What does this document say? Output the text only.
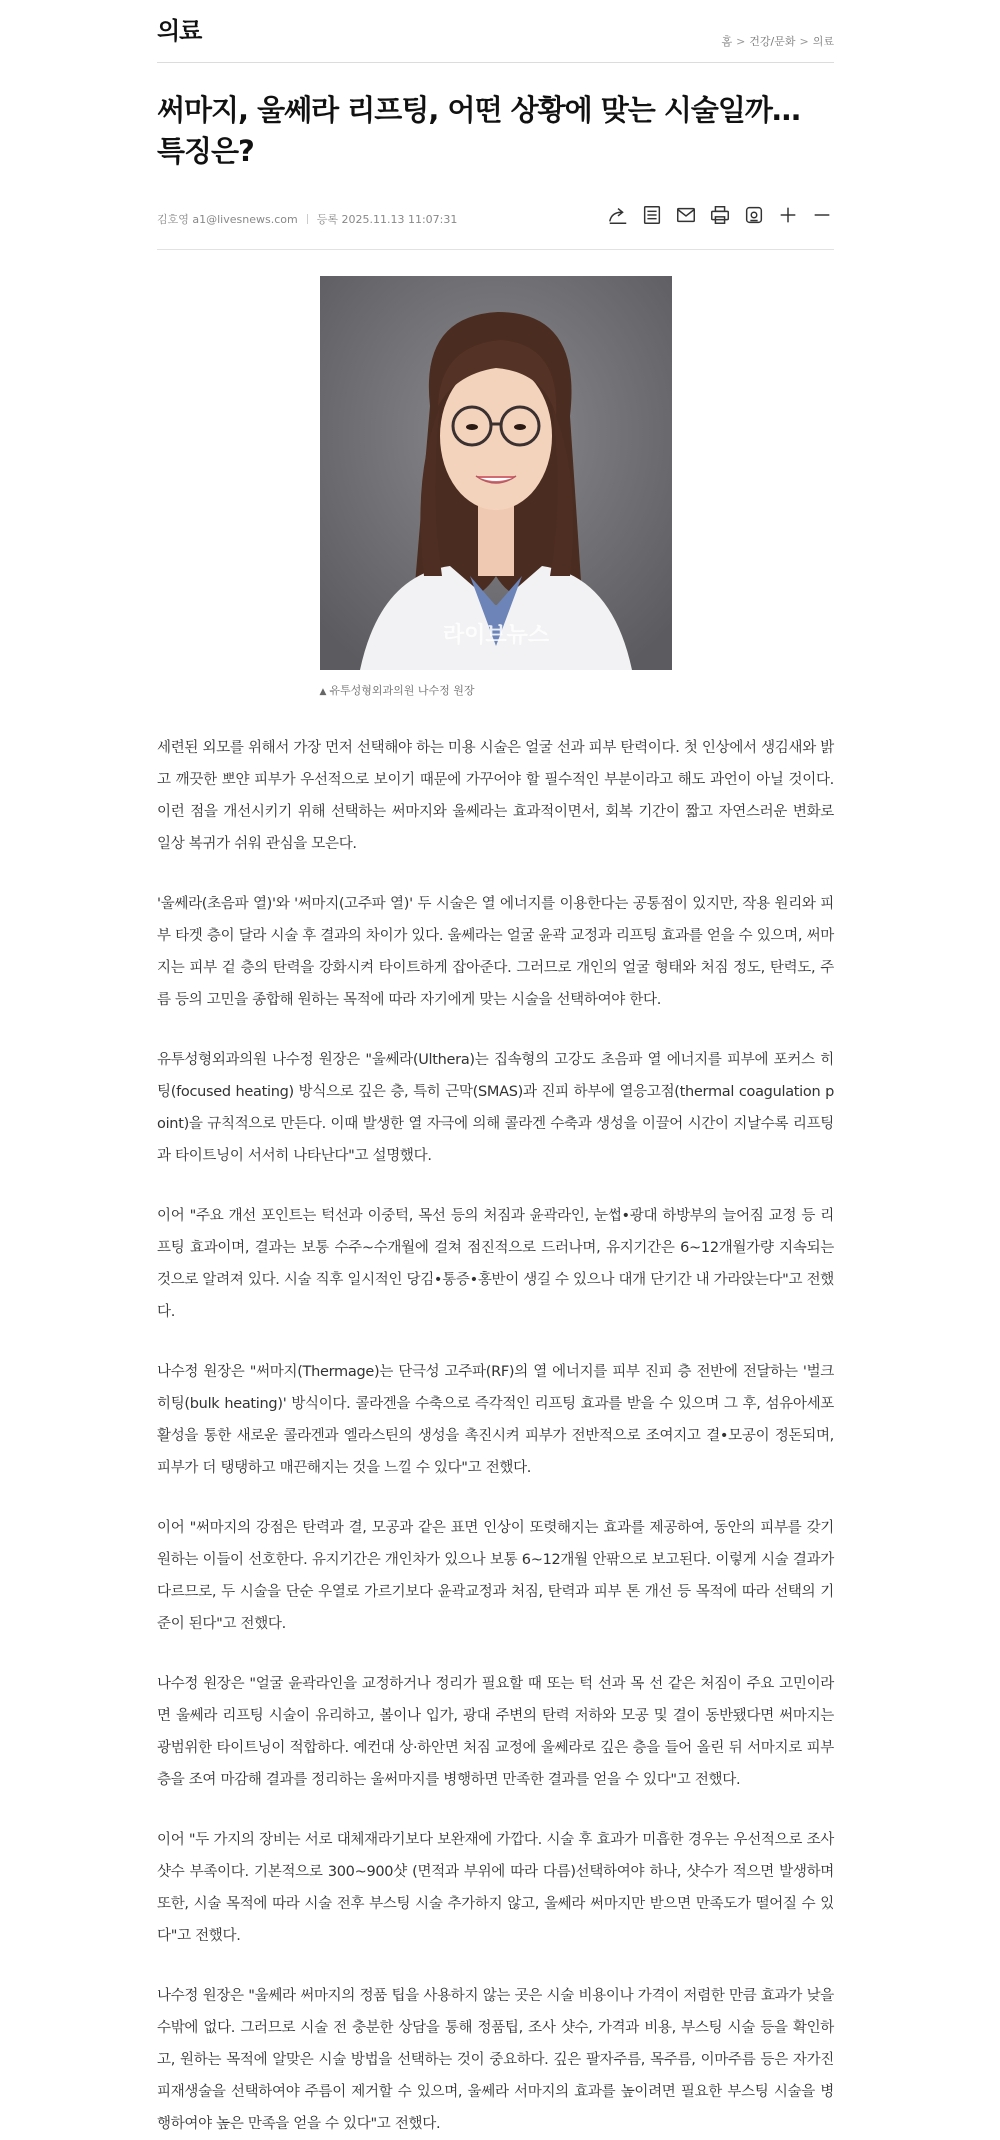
의료	홈 > 건강/문화 > 의료
써마지, 울쎄라 리프팅, 어떤 상황에 맞는 시술일까…
특징은?
김호영 a1@livesnews.com 등록 2025.11.13 11:07:31
라이브뉴스
▲ 유투성형외과의원 나수정 원장

세련된 외모를 위해서 가장 먼저 선택해야 하는 미용 시술은 얼굴 선과 피부 탄력이다. 첫 인상에서 생김새와 밝고 깨끗한 뽀얀 피부가 우선적으로 보이기 때문에 가꾸어야 할 필수적인 부분이라고 해도 과언이 아닐 것이다. 이런 점을 개선시키기 위해 선택하는 써마지와 울쎄라는 효과적이면서, 회복 기간이 짧고 자연스러운 변화로 일상 복귀가 쉬워 관심을 모은다.

'울쎄라(초음파 열)'와 '써마지(고주파 열)' 두 시술은 열 에너지를 이용한다는 공통점이 있지만, 작용 원리와 피부 타겟 층이 달라 시술 후 결과의 차이가 있다. 울쎄라는 얼굴 윤곽 교정과 리프팅 효과를 얻을 수 있으며, 써마지는 피부 겉 층의 탄력을 강화시켜 타이트하게 잡아준다. 그러므로 개인의 얼굴 형태와 처짐 정도, 탄력도, 주름 등의 고민을 종합해 원하는 목적에 따라 자기에게 맞는 시술을 선택하여야 한다.

유투성형외과의원 나수정 원장은 "울쎄라(Ulthera)는 집속형의 고강도 초음파 열 에너지를 피부에 포커스 히팅(focused heating) 방식으로 깊은 층, 특히 근막(SMAS)과 진피 하부에 열응고점(thermal coagulation point)을 규칙적으로 만든다. 이때 발생한 열 자극에 의해 콜라겐 수축과 생성을 이끌어 시간이 지날수록 리프팅과 타이트닝이 서서히 나타난다"고 설명했다.

이어 "주요 개선 포인트는 턱선과 이중턱, 목선 등의 처짐과 윤곽라인, 눈썹•광대 하방부의 늘어짐 교정 등 리프팅 효과이며, 결과는 보통 수주~수개월에 걸쳐 점진적으로 드러나며, 유지기간은 6~12개월가량 지속되는 것으로 알려져 있다. 시술 직후 일시적인 당김•통증•홍반이 생길 수 있으나 대개 단기간 내 가라앉는다"고 전했다.

나수정 원장은 "써마지(Thermage)는 단극성 고주파(RF)의 열 에너지를 피부 진피 층 전반에 전달하는 '벌크 히팅(bulk heating)' 방식이다. 콜라겐을 수축으로 즉각적인 리프팅 효과를 받을 수 있으며 그 후, 섬유아세포 활성을 통한 새로운 콜라겐과 엘라스틴의 생성을 촉진시켜 피부가 전반적으로 조여지고 결•모공이 정돈되며, 피부가 더 탱탱하고 매끈해지는 것을 느낄 수 있다"고 전했다.

이어 "써마지의 강점은 탄력과 결, 모공과 같은 표면 인상이 또렷해지는 효과를 제공하여, 동안의 피부를 갖기 원하는 이들이 선호한다. 유지기간은 개인차가 있으나 보통 6~12개월 안팎으로 보고된다. 이렇게 시술 결과가 다르므로, 두 시술을 단순 우열로 가르기보다 윤곽교정과 처짐, 탄력과 피부 톤 개선 등 목적에 따라 선택의 기준이 된다"고 전했다.

나수정 원장은 "얼굴 윤곽라인을 교정하거나 정리가 필요할 때 또는 턱 선과 목 선 같은 처짐이 주요 고민이라면 울쎄라 리프팅 시술이 유리하고, 볼이나 입가, 광대 주변의 탄력 저하와 모공 및 결이 동반됐다면 써마지는 광범위한 타이트닝이 적합하다. 예컨대 상·하안면 처짐 교정에 울쎄라로 깊은 층을 들어 올린 뒤 서마지로 피부층을 조여 마감해 결과를 정리하는 울써마지를 병행하면 만족한 결과를 얻을 수 있다"고 전했다.

이어 "두 가지의 장비는 서로 대체재라기보다 보완재에 가깝다. 시술 후 효과가 미흡한 경우는 우선적으로 조사 샷수 부족이다. 기본적으로 300~900샷 (면적과 부위에 따라 다름)선택하여야 하나, 샷수가 적으면 발생하며 또한, 시술 목적에 따라 시술 전후 부스팅 시술 추가하지 않고, 울쎄라 써마지만 받으면 만족도가 떨어질 수 있다"고 전했다.

나수정 원장은 "울쎄라 써마지의 정품 팁을 사용하지 않는 곳은 시술 비용이나 가격이 저렴한 만큼 효과가 낮을 수밖에 없다. 그러므로 시술 전 충분한 상담을 통해 정품팁, 조사 샷수, 가격과 비용, 부스팅 시술 등을 확인하고, 원하는 목적에 알맞은 시술 방법을 선택하는 것이 중요하다. 깊은 팔자주름, 목주름, 이마주름 등은 자가진피재생술을 선택하여야 주름이 제거할 수 있으며, 울쎄라 서마지의 효과를 높이려면 필요한 부스팅 시술을 병행하여야 높은 만족을 얻을 수 있다"고 전했다.
